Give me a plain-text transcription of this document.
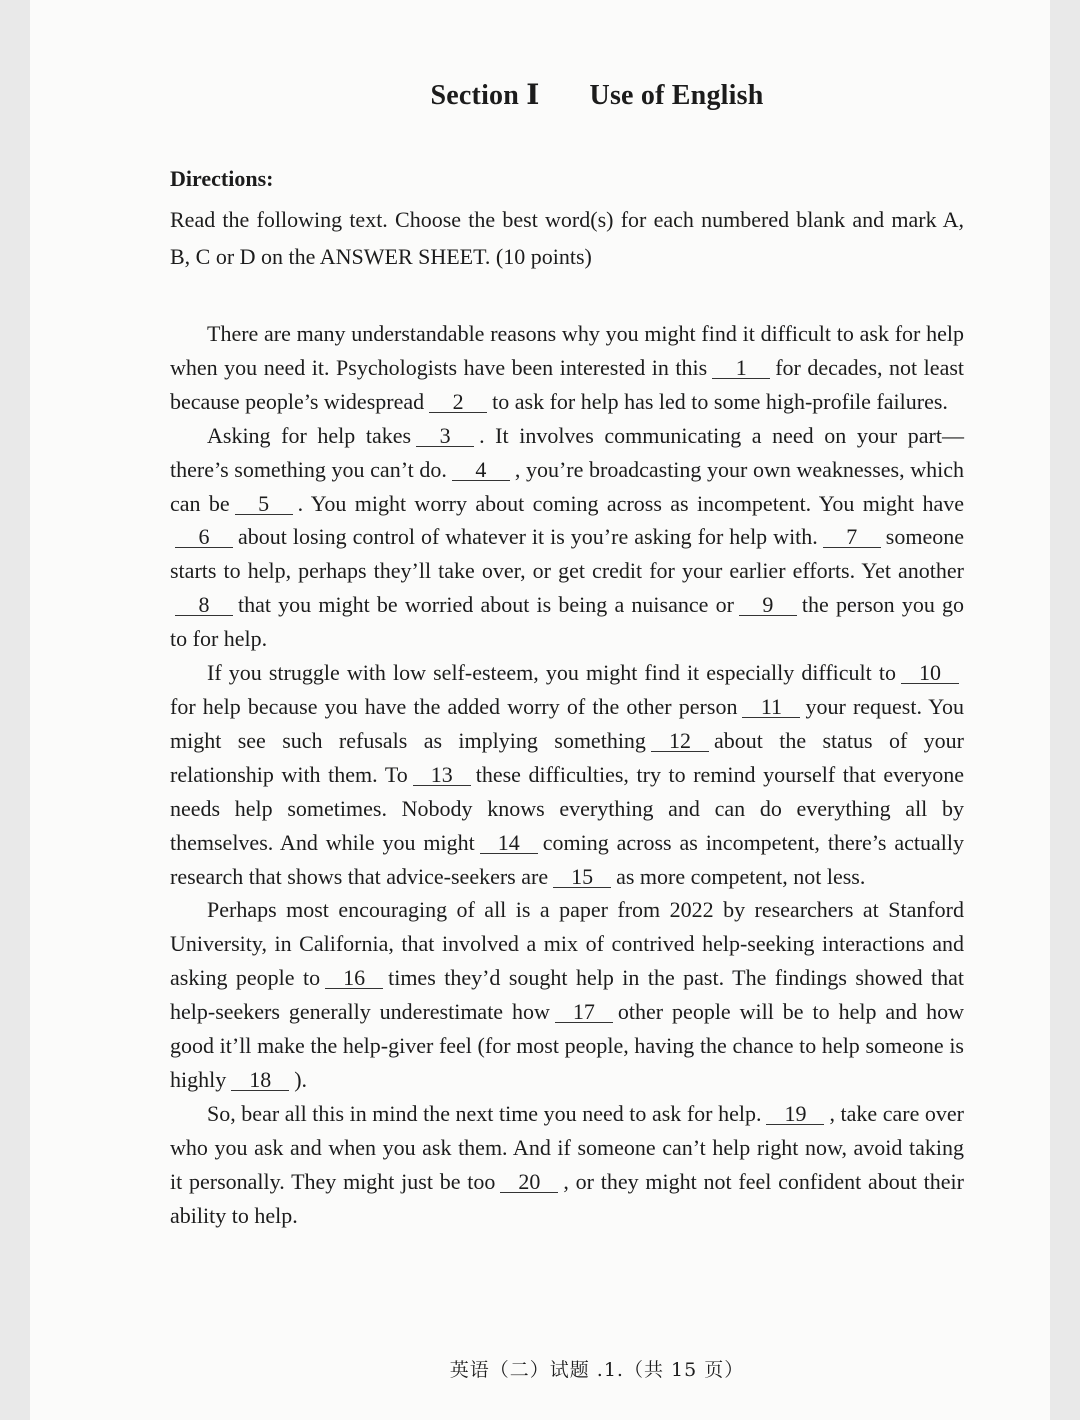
Section Ⅰ Use of English
Directions:

Read the following text. Choose the best word(s) for each numbered blank and mark A, B, C or D on the ANSWER SHEET. (10 points)

There are many understandable reasons why you might find it difficult to ask for help when you need it. Psychologists have been interested in this 1 for decades, not least because people’s widespread 2 to ask for help has led to some high-profile failures.

Asking for help takes 3 . It involves communicating a need on your part—there’s something you can’t do. 4 , you’re broadcasting your own weaknesses, which can be 5 . You might worry about coming across as incompetent. You might have6 about losing control of whatever it is you’re asking for help with. 7 someone starts to help, perhaps they’ll take over, or get credit for your earlier efforts. Yet another8 that you might be worried about is being a nuisance or 9 the person you go to for help.

If you struggle with low self-esteem, you might find it especially difficult to 10for help because you have the added worry of the other person 11 your request. You might see such refusals as implying something 12 about the status of your relationship with them. To 13 these difficulties, try to remind yourself that everyone needs help sometimes. Nobody knows everything and can do everything all by themselves. And while you might 14 coming across as incompetent, there’s actually research that shows that advice-seekers are 15 as more competent, not less.

Perhaps most encouraging of all is a paper from 2022 by researchers at Stanford University, in California, that involved a mix of contrived help-seeking interactions and asking people to 16 times they’d sought help in the past. The findings showed that help-seekers generally underestimate how 17 other people will be to help and how good it’ll make the help-giver feel (for most people, having the chance to help someone is highly 18 ).

So, bear all this in mind the next time you need to ask for help. 19 , take care over who you ask and when you ask them. And if someone can’t help right now, avoid taking it personally. They might just be too 20 , or they might not feel confident about their ability to help.

英语（二）试题 .1.（共 15 页）
